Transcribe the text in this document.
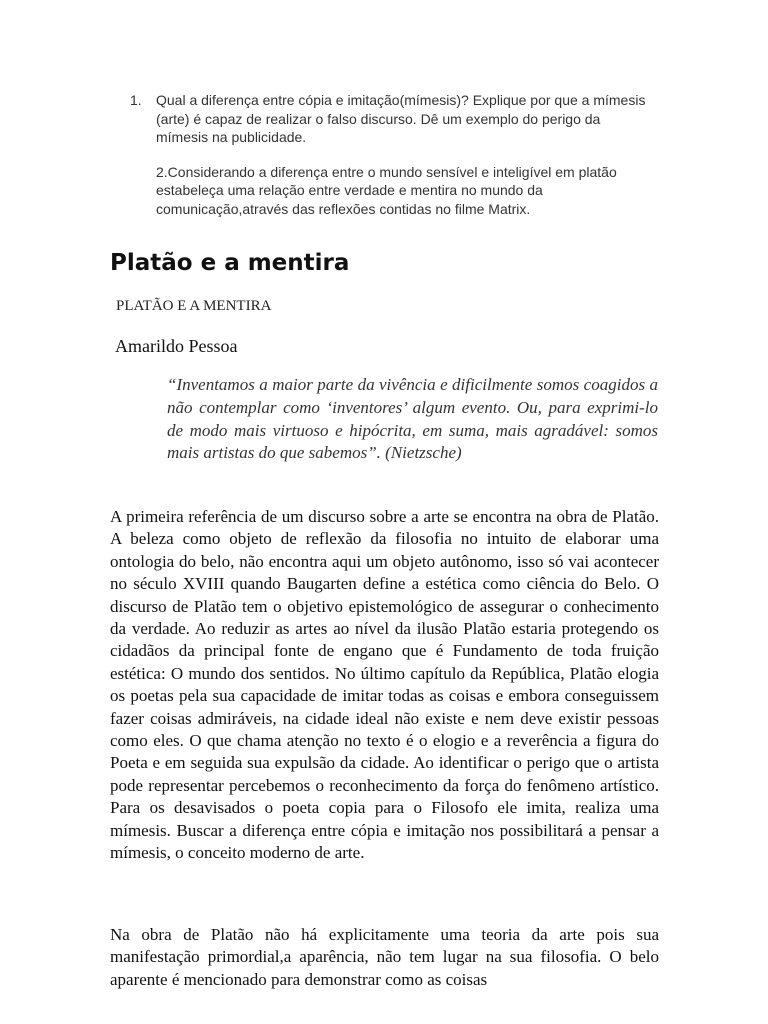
1.	Qual a diferença entre cópia e imitação(mímesis)? Explique por que a mímesis (arte) é capaz de realizar o falso discurso. Dê um exemplo do perigo da mímesis na publicidade.
2.Considerando a diferença entre o mundo sensível e inteligível em platão estabeleça uma relação entre verdade e mentira no mundo da comunicação,através das reflexões contidas no filme Matrix.
Platão e a mentira
PLATÃO E A MENTIRA
Amarildo Pessoa

“Inventamos a maior parte da vivência e dificilmente somos coagidos a não contemplar como ‘inventores’ algum evento. Ou, para exprimi-lo de modo mais virtuoso e hipócrita, em suma, mais agradável: somos mais artistas do que sabemos”. (Nietzsche)

A primeira referência de um discurso sobre a arte se encontra na obra de Platão. A beleza como objeto de reflexão da filosofia no intuito de elaborar uma ontologia do belo, não encontra aqui um objeto autônomo, isso só vai acontecer no século XVIII quando Baugarten define a estética como ciência do Belo. O discurso de Platão tem o objetivo epistemológico de assegurar o conhecimento da verdade. Ao reduzir as artes ao nível da ilusão Platão estaria protegendo os cidadãos da principal fonte de engano que é Fundamento de toda fruição estética: O mundo dos sentidos. No último capítulo da República, Platão elogia os poetas pela sua capacidade de imitar todas as coisas e embora conseguissem fazer coisas admiráveis, na cidade ideal não existe e nem deve existir pessoas como eles. O que chama atenção no texto é o elogio e a reverência a figura do Poeta e em seguida sua expulsão da cidade. Ao identificar o perigo que o artista pode representar percebemos o reconhecimento da força do fenômeno artístico. Para os desavisados o poeta copia para o Filosofo ele imita, realiza uma mímesis. Buscar a diferença entre cópia e imitação nos possibilitará a pensar a mímesis, o conceito moderno de arte.

Na obra de Platão não há explicitamente uma teoria da arte pois sua manifestação primordial,a aparência, não tem lugar na sua filosofia. O belo aparente é mencionado para demonstrar como as coisas
